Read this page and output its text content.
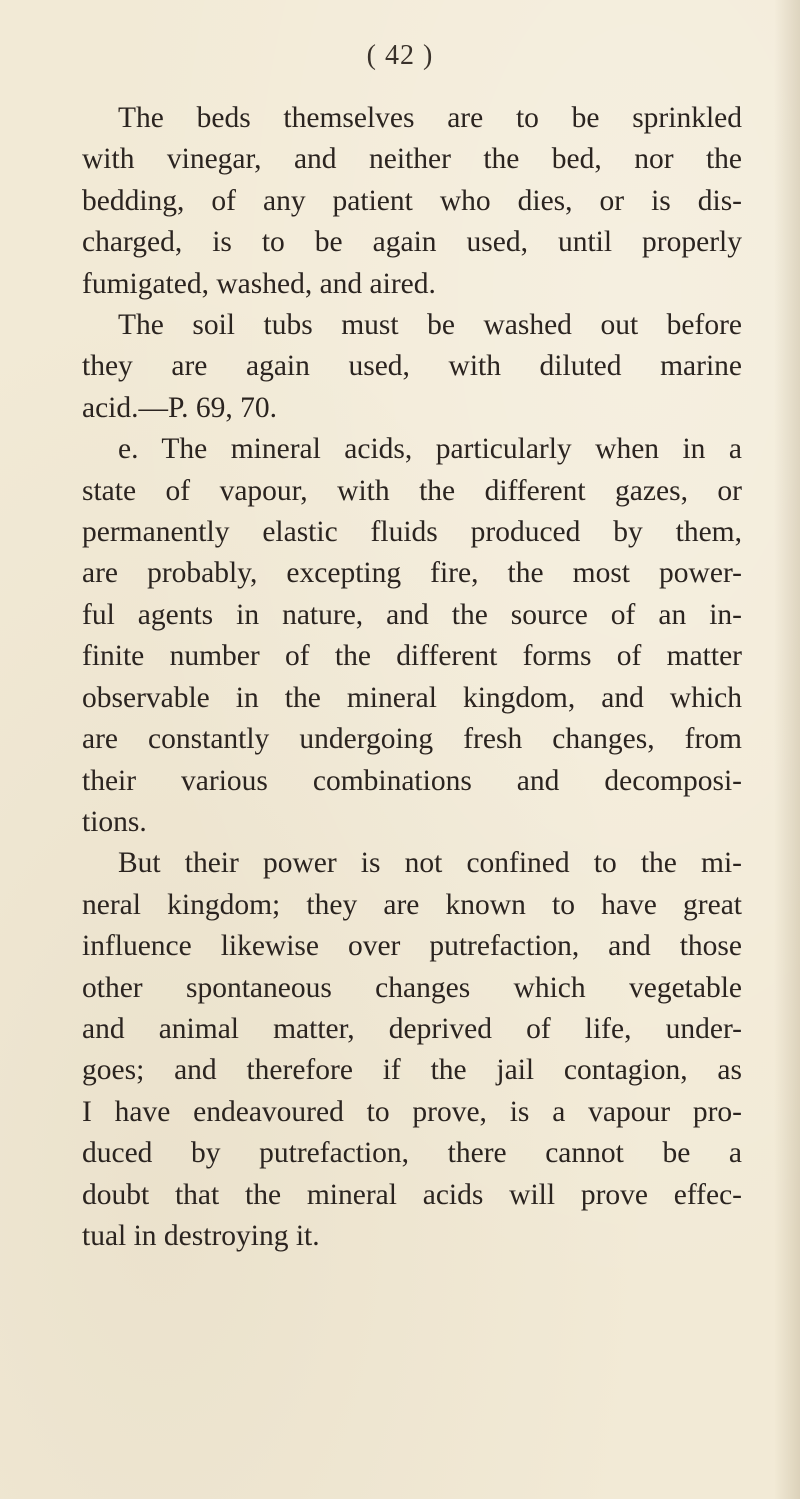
( 42 )
The beds themselves are to be sprinkled
with vinegar, and neither the bed, nor the
bedding, of any patient who dies, or is dis-
charged, is to be again used, until properly
fumigated, washed, and aired.
The soil tubs must be washed out before
they are again used, with diluted marine
acid.—P. 69, 70.
e. The mineral acids, particularly when in a
state of vapour, with the different gazes, or
permanently elastic fluids produced by them,
are probably, excepting fire, the most power-
ful agents in nature, and the source of an in-
finite number of the different forms of matter
observable in the mineral kingdom, and which
are constantly undergoing fresh changes, from
their various combinations and decomposi-
tions.
But their power is not confined to the mi-
neral kingdom; they are known to have great
influence likewise over putrefaction, and those
other spontaneous changes which vegetable
and animal matter, deprived of life, under-
goes; and therefore if the jail contagion, as
I have endeavoured to prove, is a vapour pro-
duced by putrefaction, there cannot be a
doubt that the mineral acids will prove effec-
tual in destroying it.
